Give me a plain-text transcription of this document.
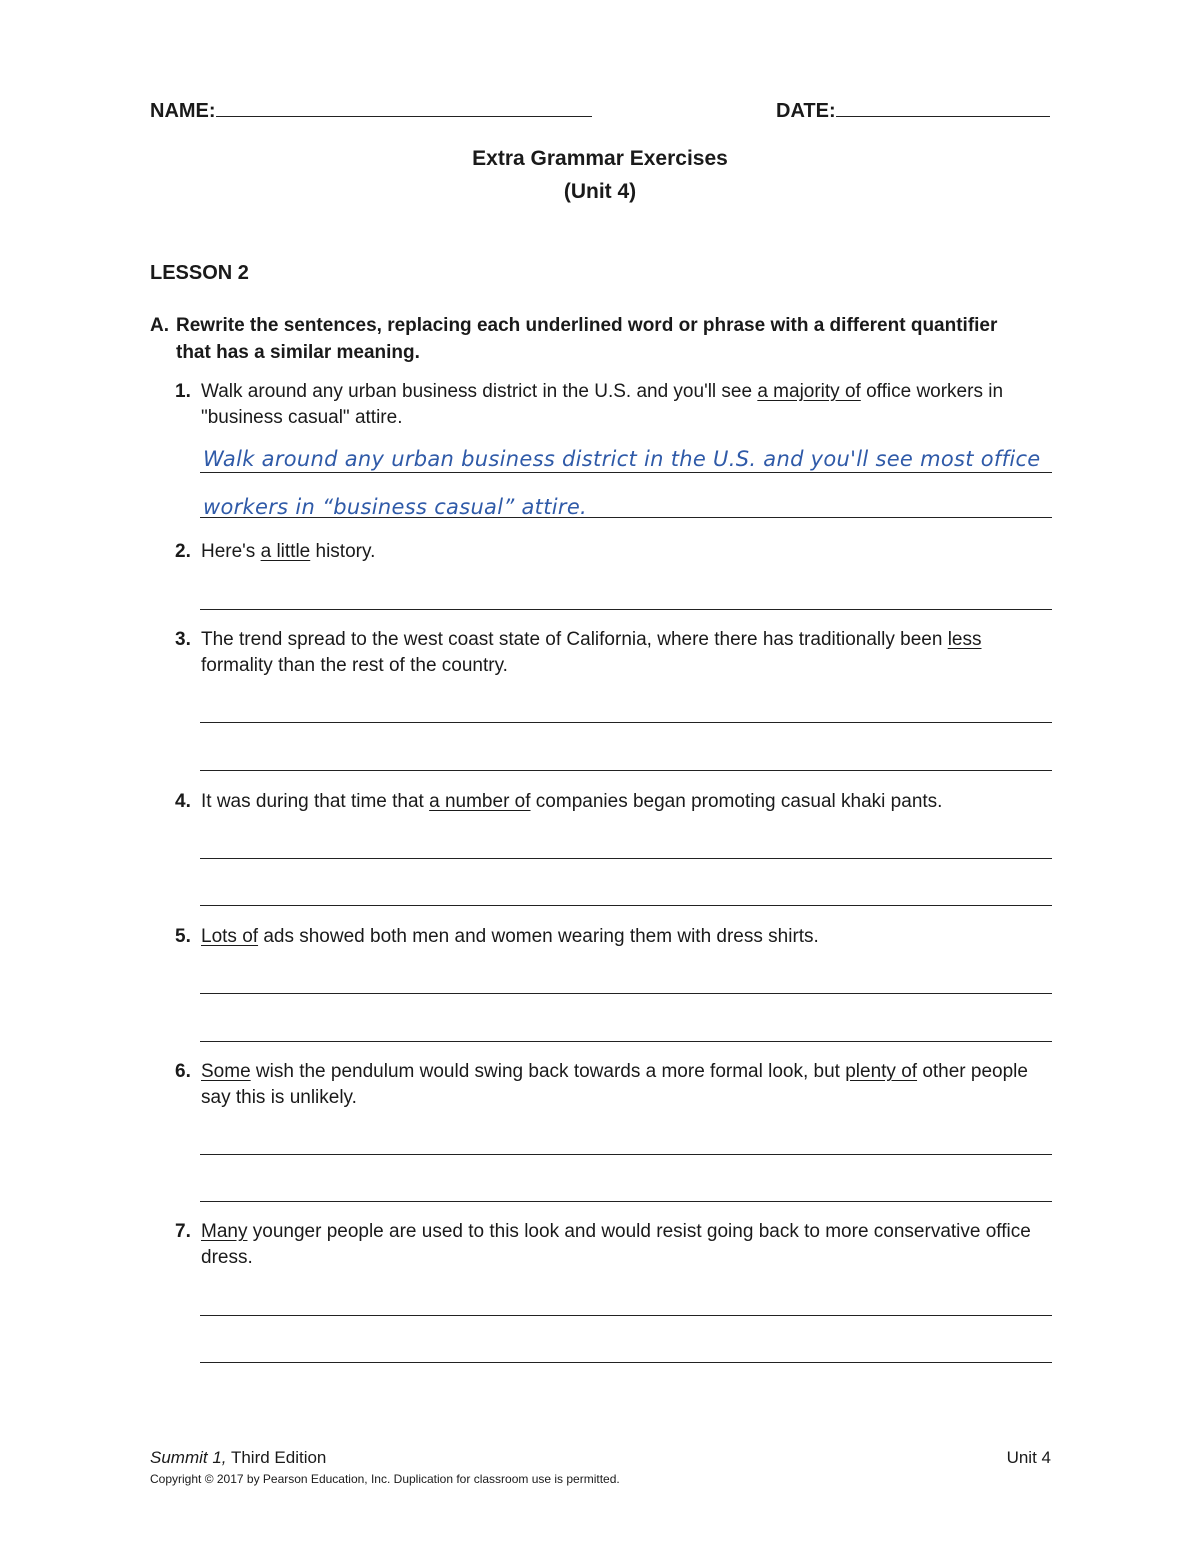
NAME:	DATE:
Extra Grammar Exercises
(Unit 4)
LESSON 2
A. Rewrite the sentences, replacing each underlined word or phrase with a different quantifier that has a similar meaning.
1. Walk around any urban business district in the U.S. and you'll see a majority of office workers in "business casual" attire.
Walk around any urban business district in the U.S. and you'll see most office
workers in “business casual” attire.
2. Here's a little history.
3. The trend spread to the west coast state of California, where there has traditionally been less formality than the rest of the country.
4. It was during that time that a number of companies began promoting casual khaki pants.
5. Lots of ads showed both men and women wearing them with dress shirts.
6. Some wish the pendulum would swing back towards a more formal look, but plenty of other people say this is unlikely.
7. Many younger people are used to this look and would resist going back to more conservative office dress.
Summit 1, Third Edition	Unit 4
Copyright © 2017 by Pearson Education, Inc. Duplication for classroom use is permitted.
